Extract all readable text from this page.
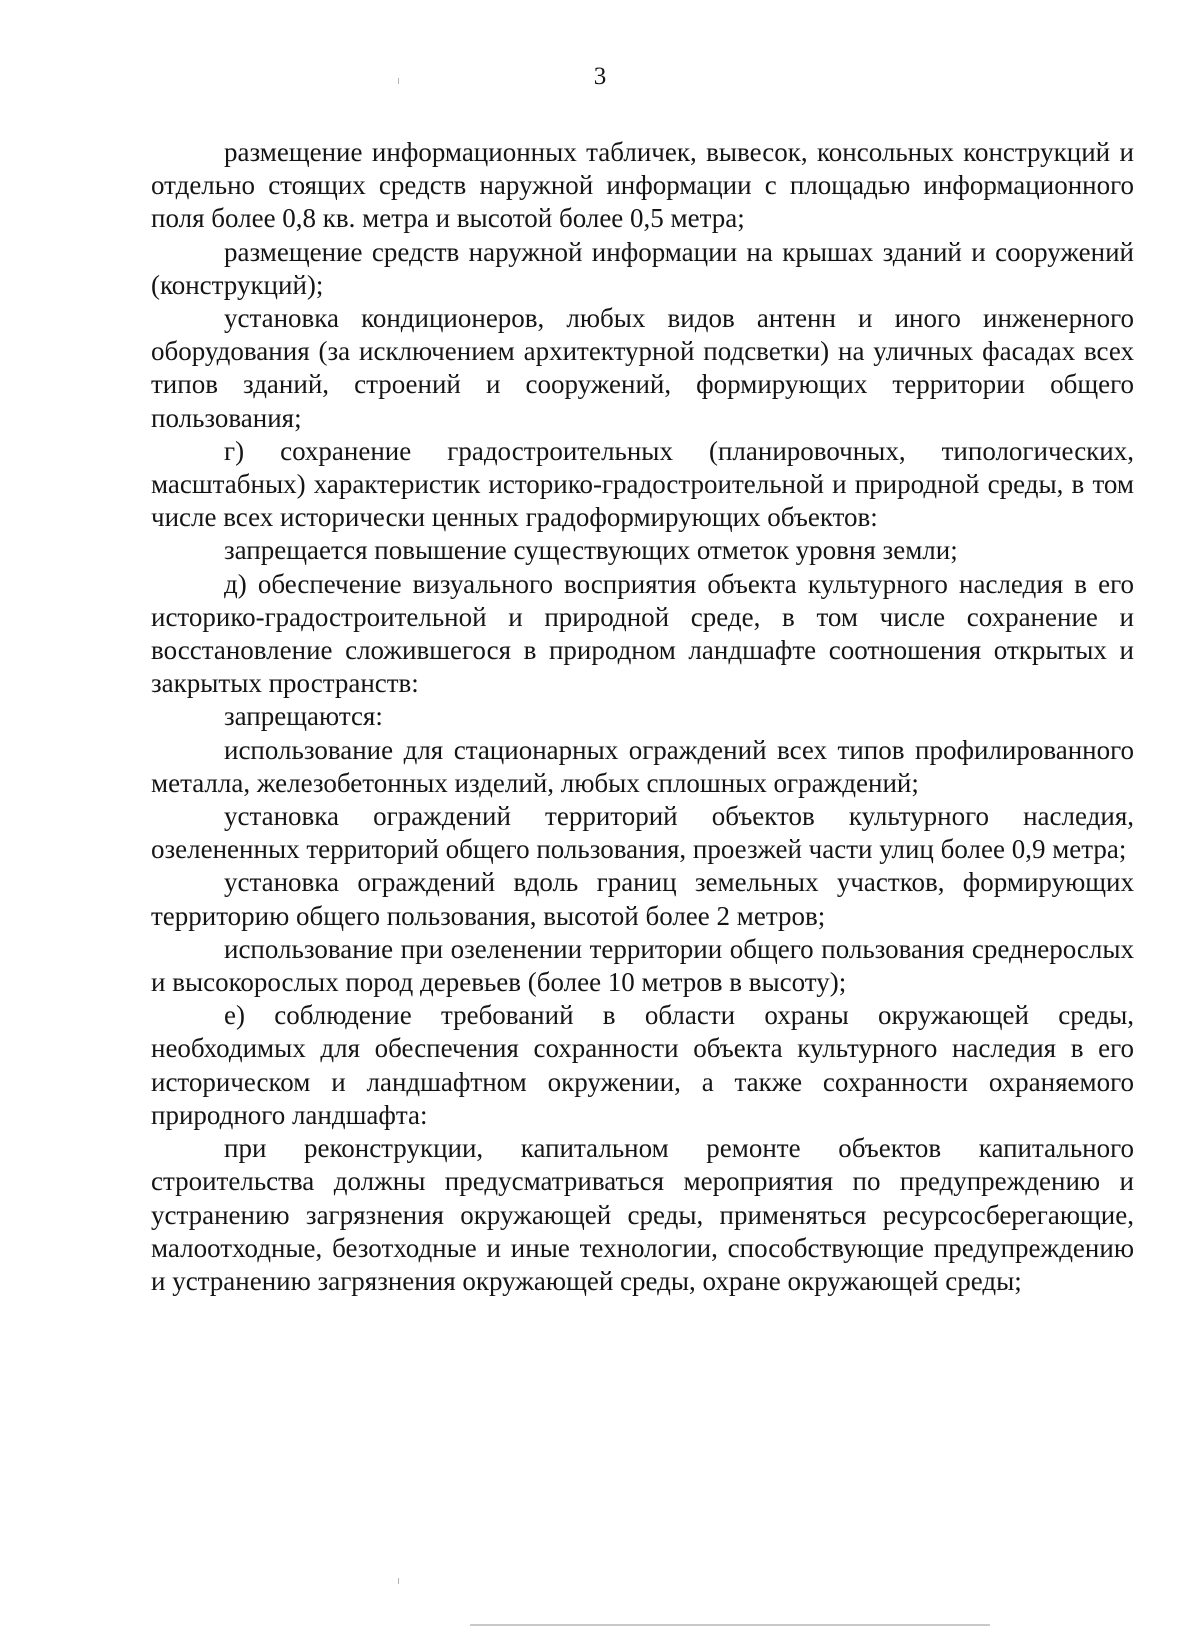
3

размещение информационных табличек, вывесок, консольных конструкций и отдельно стоящих средств наружной информации с площадью информационного поля более 0,8 кв. метра и высотой более 0,5 метра;

размещение средств наружной информации на крышах зданий и сооружений (конструкций);

установка кондиционеров, любых видов антенн и иного инженерного оборудования (за исключением архитектурной подсветки) на уличных фасадах всех типов зданий, строений и сооружений, формирующих территории общего пользования;

г) сохранение градостроительных (планировочных, типологических, масштабных) характеристик историко-градостроительной и природной среды, в том числе всех исторически ценных градоформирующих объектов:

запрещается повышение существующих отметок уровня земли;

д) обеспечение визуального восприятия объекта культурного наследия в его историко-градостроительной и природной среде, в том числе сохранение и восстановление сложившегося в природном ландшафте соотношения открытых и закрытых пространств:

запрещаются:

использование для стационарных ограждений всех типов профилированного металла, железобетонных изделий, любых сплошных ограждений;

установка ограждений территорий объектов культурного наследия, озелененных территорий общего пользования, проезжей части улиц более 0,9 метра;

установка ограждений вдоль границ земельных участков, формирующих территорию общего пользования, высотой более 2 метров;

использование при озеленении территории общего пользования среднерослых и высокорослых пород деревьев (более 10 метров в высоту);

е) соблюдение требований в области охраны окружающей среды, необходимых для обеспечения сохранности объекта культурного наследия в его историческом и ландшафтном окружении, а также сохранности охраняемого природного ландшафта:

при реконструкции, капитальном ремонте объектов капитального строительства должны предусматриваться мероприятия по предупреждению и устранению загрязнения окружающей среды, применяться ресурсосберегающие, малоотходные, безотходные и иные технологии, способствующие предупреждению и устранению загрязнения окружающей среды, охране окружающей среды;
